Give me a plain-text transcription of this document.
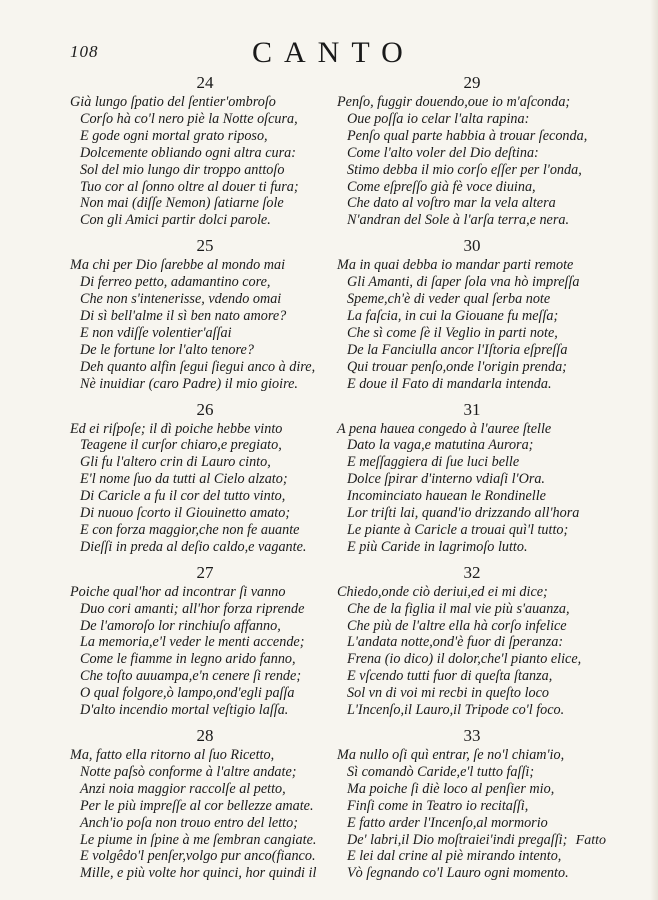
108	CANTO
24
Già lungo ſpatio del ſentier'ombroſo
Corſo hà co'l nero piè la Notte oſcura,
E gode ogni mortal grato riposo,
Dolcemente obliando ogni altra cura:
Sol del mio lungo dir troppo anttoſo
Tuo cor al ſonno oltre al douer ti fura;
Non mai (diſſe Nemon) ſatiarne ſole
Con gli Amici partir dolci parole.
25
Ma chi per Dio ſarebbe al mondo mai
Di ferreo petto, adamantino core,
Che non s'intenerisse, vdendo omai
Di sì bell'alme il sì ben nato amore?
E non vdiſſe volentier'aſſai
De le fortune lor l'alto tenore?
Deh quanto alfin ſegui ſiegui anco à dire,
Nè inuidiar (caro Padre) il mio gioire.
26
Ed ei riſpoſe; il dì poiche hebbe vinto
Teagene il curſor chiaro,e pregiato,
Gli fu l'altero crin di Lauro cinto,
E'l nome ſuo da tutti al Cielo alzato;
Di Caricle a fu il cor del tutto vinto,
Di nuouo ſcorto il Giouinetto amato;
E con forza maggior,che non fe auante
Dieſſi in preda al deſio caldo,e vagante.
27
Poiche qual'hor ad incontrar ſi vanno
Duo cori amanti; all'hor forza riprende
De l'amoroſo lor rinchiuſo affanno,
La memoria,e'l veder le menti accende;
Come le fiamme in legno arido fanno,
Che toſto auuampa,e'n cenere ſi rende;
O qual folgore,ò lampo,ond'egli paſſa
D'alto incendio mortal veſtigio laſſa.
28
Ma, fatto ella ritorno al ſuo Ricetto,
Notte paſsò conforme à l'altre andate;
Anzi noia maggior raccolſe al petto,
Per le più impreſſe al cor bellezze amate.
Anch'io poſa non trouo entro del letto;
Le piume in ſpine à me ſembran cangiate.
E volgêdo'l penſer,volgo pur anco(fianco.
Mille, e più volte hor quinci, hor quindi il
29
Penſo, fuggir douendo,oue io m'aſconda;
Oue poſſa io celar l'alta rapina:
Penſo qual parte habbia à trouar ſeconda,
Come l'alto voler del Dio deſtina:
Stimo debba il mio corſo eſſer per l'onda,
Come eſpreſſo già fè voce diuina,
Che dato al voſtro mar la vela altera
N'andran del Sole à l'arſa terra,e nera.
30
Ma in quai debba io mandar parti remote
Gli Amanti, di ſaper ſola vna hò impreſſa
Speme,ch'è di veder qual ſerba note
La faſcia, in cui la Giouane fu meſſa;
Che sì come ſè il Veglio in parti note,
De la Fanciulla ancor l'Iſtoria eſpreſſa
Qui trouar penſo,onde l'origin prenda;
E doue il Fato di mandarla intenda.
31
A pena hauea congedo à l'auree ſtelle
Dato la vaga,e matutina Aurora;
E meſſaggiera di ſue luci belle
Dolce ſpirar d'interno vdiaſi l'Ora.
Incominciato hauean le Rondinelle
Lor triſti lai, quand'io drizzando all'hora
Le piante à Caricle a trouai quì'l tutto;
E più Caride in lagrimoſo lutto.
32
Chiedo,onde ciò deriui,ed ei mi dice;
Che de la figlia il mal vie più s'auanza,
Che più de l'altre ella hà corſo infelice
L'andata notte,ond'è fuor di ſperanza:
Frena (io dico) il dolor,che'l pianto elice,
E vſcendo tutti fuor di queſta ſtanza,
Sol vn di voi mi recbi in queſto loco
L'Incenſo,il Lauro,il Tripode co'l foco.
33
Ma nullo oſi quì entrar, ſe no'l chiam'io,
Sì comandò Caride,e'l tutto faſſi;
Ma poiche ſi diè loco al penſier mio,
Finſi come in Teatro io recitaſſi,
E fatto arder l'Incenſo,al mormorio
De' labri,il Dio moſtraiei'indi pregaſſi;
E lei dal crine al piè mirando intento,
Vò ſegnando co'l Lauro ogni momento.
Fatto
